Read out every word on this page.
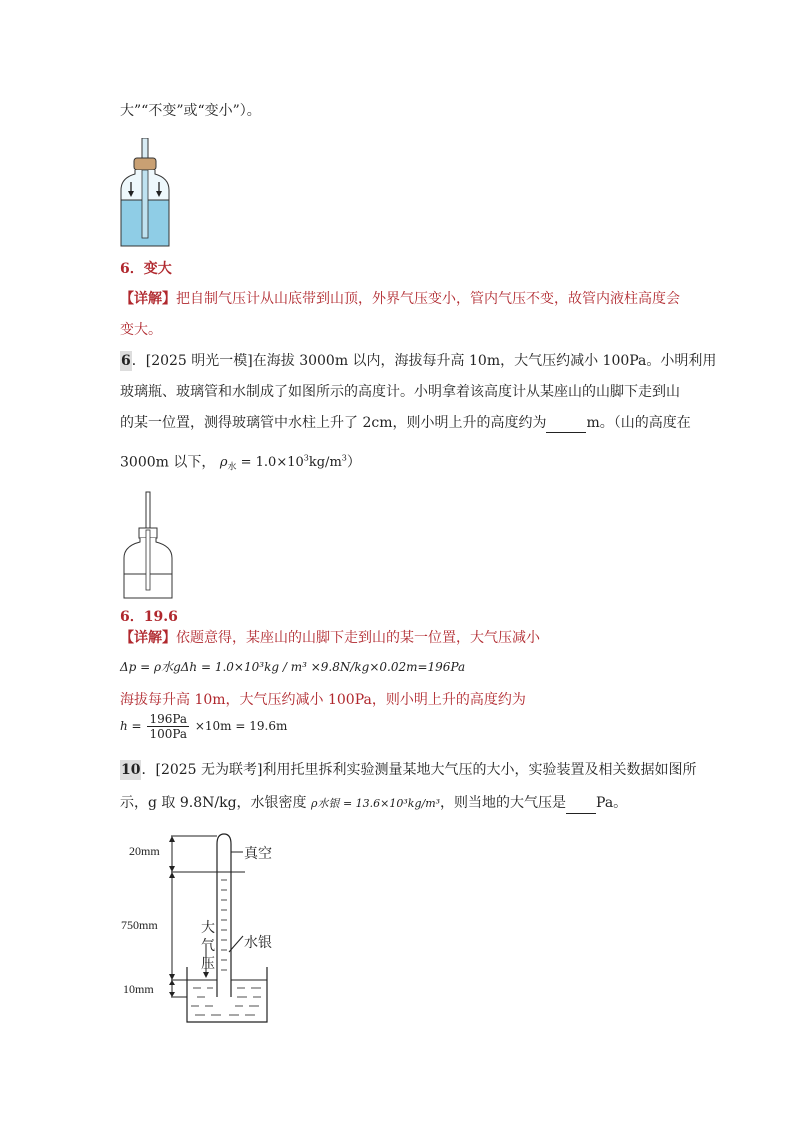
大”“不变”或“变小”）。
6．变大
【详解】把自制气压计从山底带到山顶，外界气压变小，管内气压不变，故管内液柱高度会
变大。
6．[2025 明光一模]在海拔 3000m 以内，海拔每升高 10m，大气压约减小 100Pa。小明利用
玻璃瓶、玻璃管和水制成了如图所示的高度计。小明拿着该高度计从某座山的山脚下走到山
的某一位置，测得玻璃管中水柱上升了 2cm，则小明上升的高度约为	m。（山的高度在
3000m 以下， $\rho_水 = 1.0\times 10^3kg/m^3$）
6．19.6
【详解】依题意得，某座山的山脚下走到山的某一位置，大气压减小
Δp = ρ水gΔh = 1.0×10³kg / m³ ×9.8N/kg×0.02m=196Pa
海拔每升高 10m，大气压约减小 100Pa，则小明上升的高度约为
$h = \frac{196Pa}{100Pa} \times 10m = 19.6m$
10．[2025 无为联考]利用托里拆利实验测量某地大气压的大小，实验装置及相关数据如图所
示，g 取 9.8N/kg，水银密度 ρ水银 = 13.6×10³kg/m³，则当地的大气压是 Pa。
20mm
750mm
10mm
真空
水银
大
气
压
